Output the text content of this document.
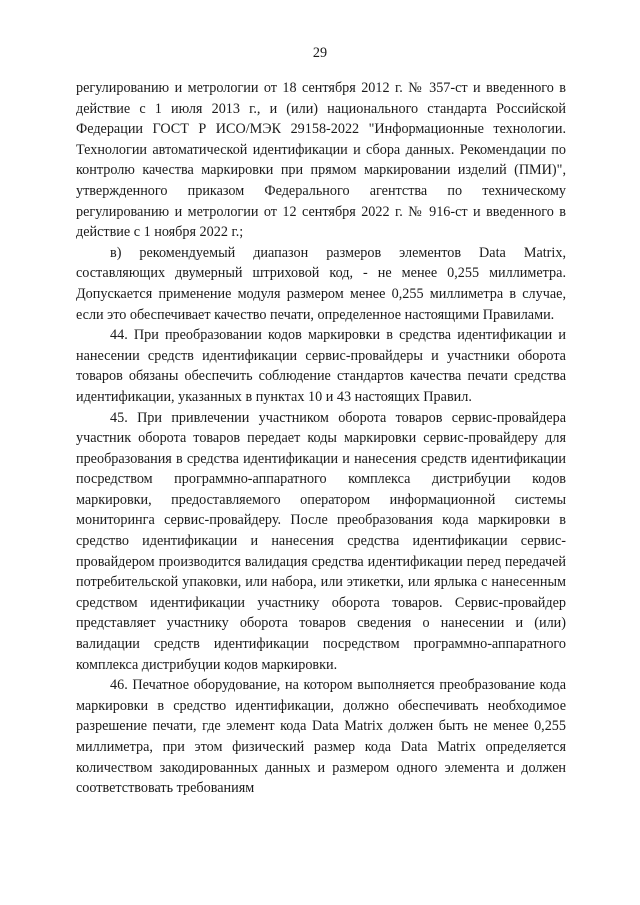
29

регулированию и метрологии от 18 сентября 2012 г. № 357-ст и введенного в действие с 1 июля 2013 г., и (или) национального стандарта Российской Федерации ГОСТ Р ИСО/МЭК 29158-2022 "Информационные технологии. Технологии автоматической идентификации и сбора данных. Рекомендации по контролю качества маркировки при прямом маркировании изделий (ПМИ)", утвержденного приказом Федерального агентства по техническому регулированию и метрологии от 12 сентября 2022 г. № 916-ст и введенного в действие с 1 ноября 2022 г.;

в) рекомендуемый диапазон размеров элементов Data Matrix, составляющих двумерный штриховой код, - не менее 0,255 миллиметра. Допускается применение модуля размером менее 0,255 миллиметра в случае, если это обеспечивает качество печати, определенное настоящими Правилами.

44. При преобразовании кодов маркировки в средства идентификации и нанесении средств идентификации сервис-провайдеры и участники оборота товаров обязаны обеспечить соблюдение стандартов качества печати средства идентификации, указанных в пунктах 10 и 43 настоящих Правил.

45. При привлечении участником оборота товаров сервис-провайдера участник оборота товаров передает коды маркировки сервис-провайдеру для преобразования в средства идентификации и нанесения средств идентификации посредством программно-аппаратного комплекса дистрибуции кодов маркировки, предоставляемого оператором информационной системы мониторинга сервис-провайдеру. После преобразования кода маркировки в средство идентификации и нанесения средства идентификации сервис-провайдером производится валидация средства идентификации перед передачей потребительской упаковки, или набора, или этикетки, или ярлыка с нанесенным средством идентификации участнику оборота товаров. Сервис-провайдер представляет участнику оборота товаров сведения о нанесении и (или) валидации средств идентификации посредством программно-аппаратного комплекса дистрибуции кодов маркировки.

46. Печатное оборудование, на котором выполняется преобразование кода маркировки в средство идентификации, должно обеспечивать необходимое разрешение печати, где элемент кода Data Matrix должен быть не менее 0,255 миллиметра, при этом физический размер кода Data Matrix определяется количеством закодированных данных и размером одного элемента и должен соответствовать требованиям
